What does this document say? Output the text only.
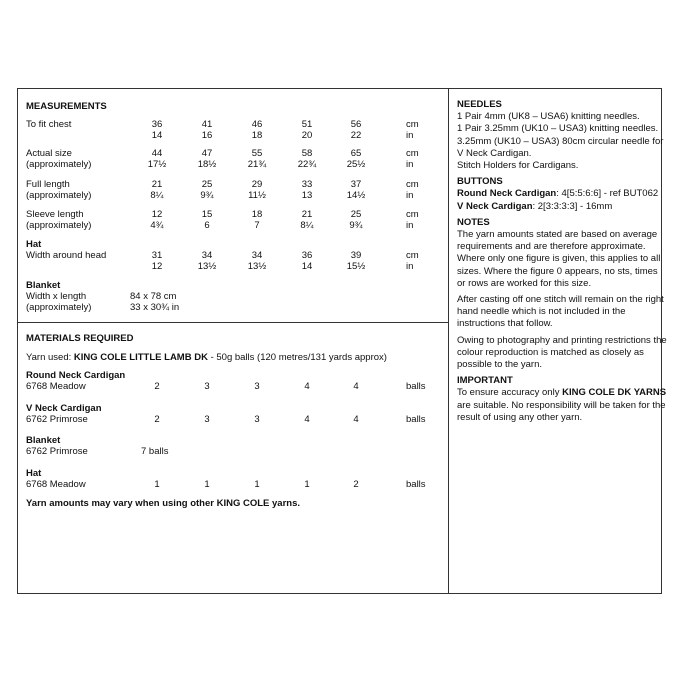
MEASUREMENTS
To fit chest	36	41	46	51	56	cm
14	16	18	20	22	in
Actual size
(approximately)
44	47	55	58	65	cm
17½	18½	21¾	22¾	25½	in
Full length
(approximately)
21	25	29	33	37	cm
8¼	9¾	11½	13	14½	in
Sleeve length
(approximately)
12	15	18	21	25	cm
4¾	6	7	8¼	9¾	in
Hat
Width around head	31	34	34	36	39	cm
12	13½	13½	14	15½	in
Blanket
Width x length
(approximately)
84 x 78 cm
33 x 30¾ in
MATERIALS REQUIRED
Yarn used: KING COLE LITTLE LAMB DK - 50g balls (120 metres/131 yards approx)
Round Neck Cardigan
6768 Meadow	2	3	3	4	4	balls
V Neck Cardigan
6762 Primrose	2	3	3	4	4	balls
Blanket
6762 Primrose	7 balls
Hat
6768 Meadow	1	1	1	1	2	balls
Yarn amounts may vary when using other KING COLE yarns.
NEEDLES
1 Pair 4mm (UK8 – USA6) knitting needles.
1 Pair 3.25mm (UK10 – USA3) knitting needles.
3.25mm (UK10 – USA3) 80cm circular needle for V Neck Cardigan.
Stitch Holders for Cardigans.
BUTTONS
Round Neck Cardigan: 4[5:5:6:6] - ref BUT062
V Neck Cardigan: 2[3:3:3:3] - 16mm
NOTES

The yarn amounts stated are based on average requirements and are therefore approximate. Where only one figure is given, this applies to all sizes. Where the figure 0 appears, no sts, times or rows are worked for this size.

After casting off one stitch will remain on the right hand needle which is not included in the instructions that follow.

Owing to photography and printing restrictions the colour reproduction is matched as closely as possible to the yarn.

IMPORTANT
To ensure accuracy only KING COLE DK YARNS are suitable. No responsibility will be taken for the result of using any other yarn.
